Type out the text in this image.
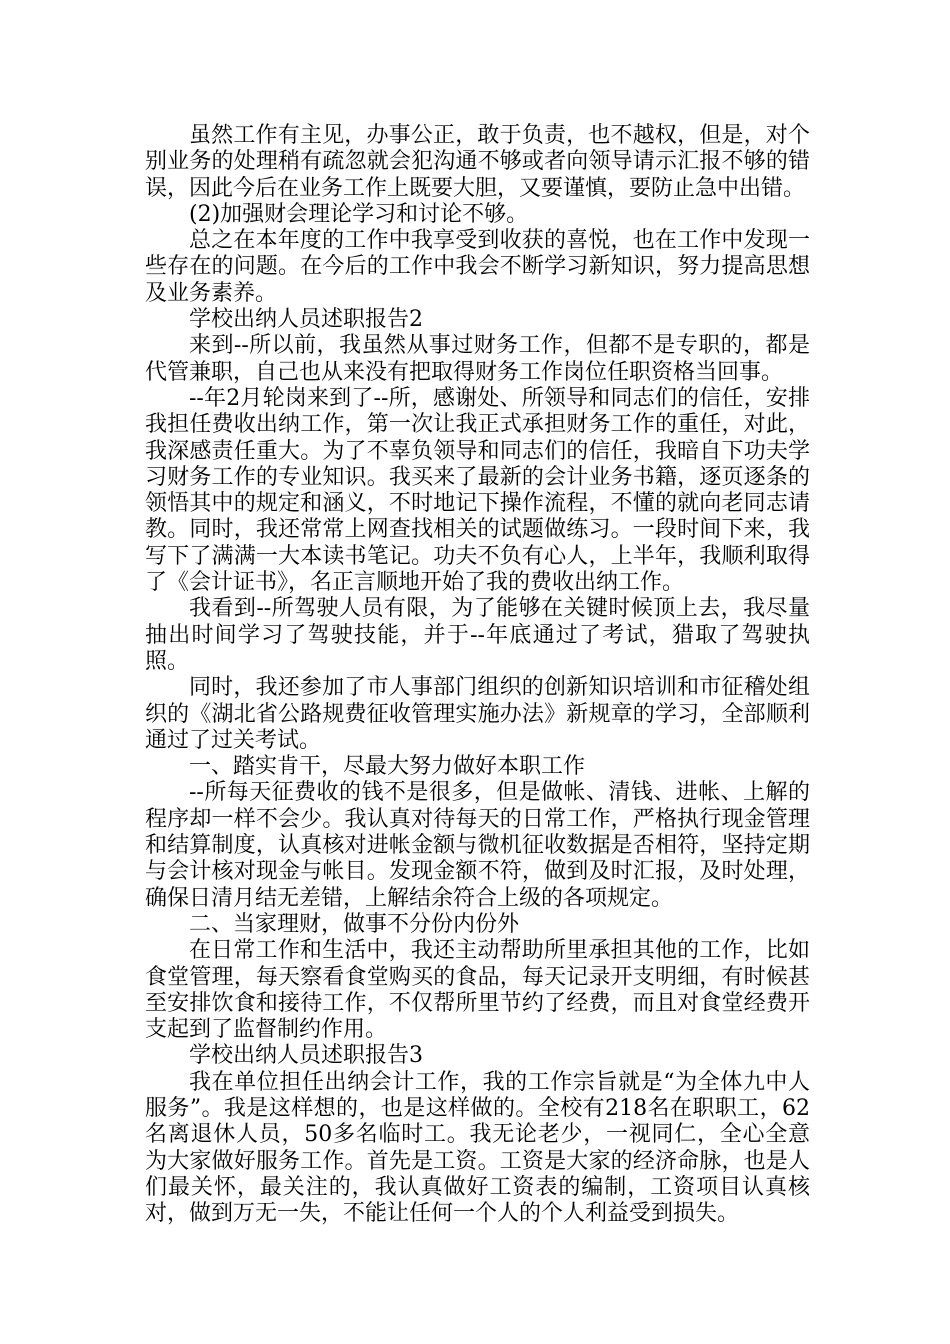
虽然工作有主见，办事公正，敢于负责，也不越权，但是，对个别业务的处理稍有疏忽就会犯沟通不够或者向领导请示汇报不够的错误，因此今后在业务工作上既要大胆，又要谨慎，要防止急中出错。

(2)加强财会理论学习和讨论不够。

总之在本年度的工作中我享受到收获的喜悦，也在工作中发现一些存在的问题。在今后的工作中我会不断学习新知识，努力提高思想及业务素养。

学校出纳人员述职报告2

来到--所以前，我虽然从事过财务工作，但都不是专职的，都是代管兼职，自己也从来没有把取得财务工作岗位任职资格当回事。

--年2月轮岗来到了--所，感谢处、所领导和同志们的信任，安排我担任费收出纳工作，第一次让我正式承担财务工作的重任，对此，我深感责任重大。为了不辜负领导和同志们的信任，我暗自下功夫学习财务工作的专业知识。我买来了最新的会计业务书籍，逐页逐条的领悟其中的规定和涵义，不时地记下操作流程，不懂的就向老同志请教。同时，我还常常上网查找相关的试题做练习。一段时间下来，我写下了满满一大本读书笔记。功夫不负有心人，上半年，我顺利取得了《会计证书》，名正言顺地开始了我的费收出纳工作。

我看到--所驾驶人员有限，为了能够在关键时候顶上去，我尽量抽出时间学习了驾驶技能，并于--年底通过了考试，猎取了驾驶执照。

同时，我还参加了市人事部门组织的创新知识培训和市征稽处组织的《湖北省公路规费征收管理实施办法》新规章的学习，全部顺利通过了过关考试。

一、踏实肯干，尽最大努力做好本职工作

--所每天征费收的钱不是很多，但是做帐、清钱、进帐、上解的程序却一样不会少。我认真对待每天的日常工作，严格执行现金管理和结算制度，认真核对进帐金额与微机征收数据是否相符，坚持定期与会计核对现金与帐目。发现金额不符，做到及时汇报，及时处理，确保日清月结无差错，上解结余符合上级的各项规定。

二、当家理财，做事不分份内份外

在日常工作和生活中，我还主动帮助所里承担其他的工作，比如食堂管理，每天察看食堂购买的食品，每天记录开支明细，有时候甚至安排饮食和接待工作，不仅帮所里节约了经费，而且对食堂经费开支起到了监督制约作用。

学校出纳人员述职报告3

我在单位担任出纳会计工作，我的工作宗旨就是“为全体九中人服务”。我是这样想的，也是这样做的。全校有218名在职职工，62名离退休人员，50多名临时工。我无论老少，一视同仁，全心全意为大家做好服务工作。首先是工资。工资是大家的经济命脉，也是人们最关怀，最关注的，我认真做好工资表的编制，工资项目认真核对，做到万无一失，不能让任何一个人的个人利益受到损失。
